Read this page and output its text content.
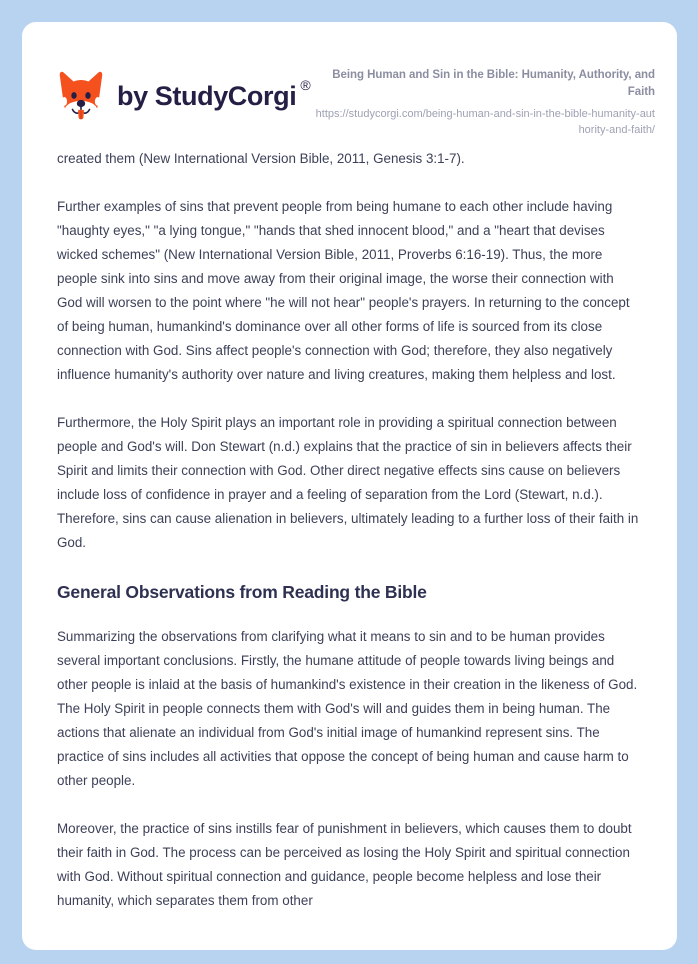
by StudyCorgi ®
Being Human and Sin in the Bible: Humanity, Authority, and Faith
https://studycorgi.com/being-human-and-sin-in-the-bible-humanity-authority-and-faith/

created them (New International Version Bible, 2011, Genesis 3:1-7).

Further examples of sins that prevent people from being humane to each other include having "haughty eyes," "a lying tongue," "hands that shed innocent blood," and a "heart that devises wicked schemes" (New International Version Bible, 2011, Proverbs 6:16-19). Thus, the more people sink into sins and move away from their original image, the worse their connection with God will worsen to the point where "he will not hear" people's prayers. In returning to the concept of being human, humankind's dominance over all other forms of life is sourced from its close connection with God. Sins affect people's connection with God; therefore, they also negatively influence humanity's authority over nature and living creatures, making them helpless and lost.

Furthermore, the Holy Spirit plays an important role in providing a spiritual connection between people and God's will. Don Stewart (n.d.) explains that the practice of sin in believers affects their Spirit and limits their connection with God. Other direct negative effects sins cause on believers include loss of confidence in prayer and a feeling of separation from the Lord (Stewart, n.d.). Therefore, sins can cause alienation in believers, ultimately leading to a further loss of their faith in God.

General Observations from Reading the Bible

Summarizing the observations from clarifying what it means to sin and to be human provides several important conclusions. Firstly, the humane attitude of people towards living beings and other people is inlaid at the basis of humankind's existence in their creation in the likeness of God. The Holy Spirit in people connects them with God's will and guides them in being human. The actions that alienate an individual from God's initial image of humankind represent sins. The practice of sins includes all activities that oppose the concept of being human and cause harm to other people.

Moreover, the practice of sins instills fear of punishment in believers, which causes them to doubt their faith in God. The process can be perceived as losing the Holy Spirit and spiritual connection with God. Without spiritual connection and guidance, people become helpless and lose their humanity, which separates them from other
